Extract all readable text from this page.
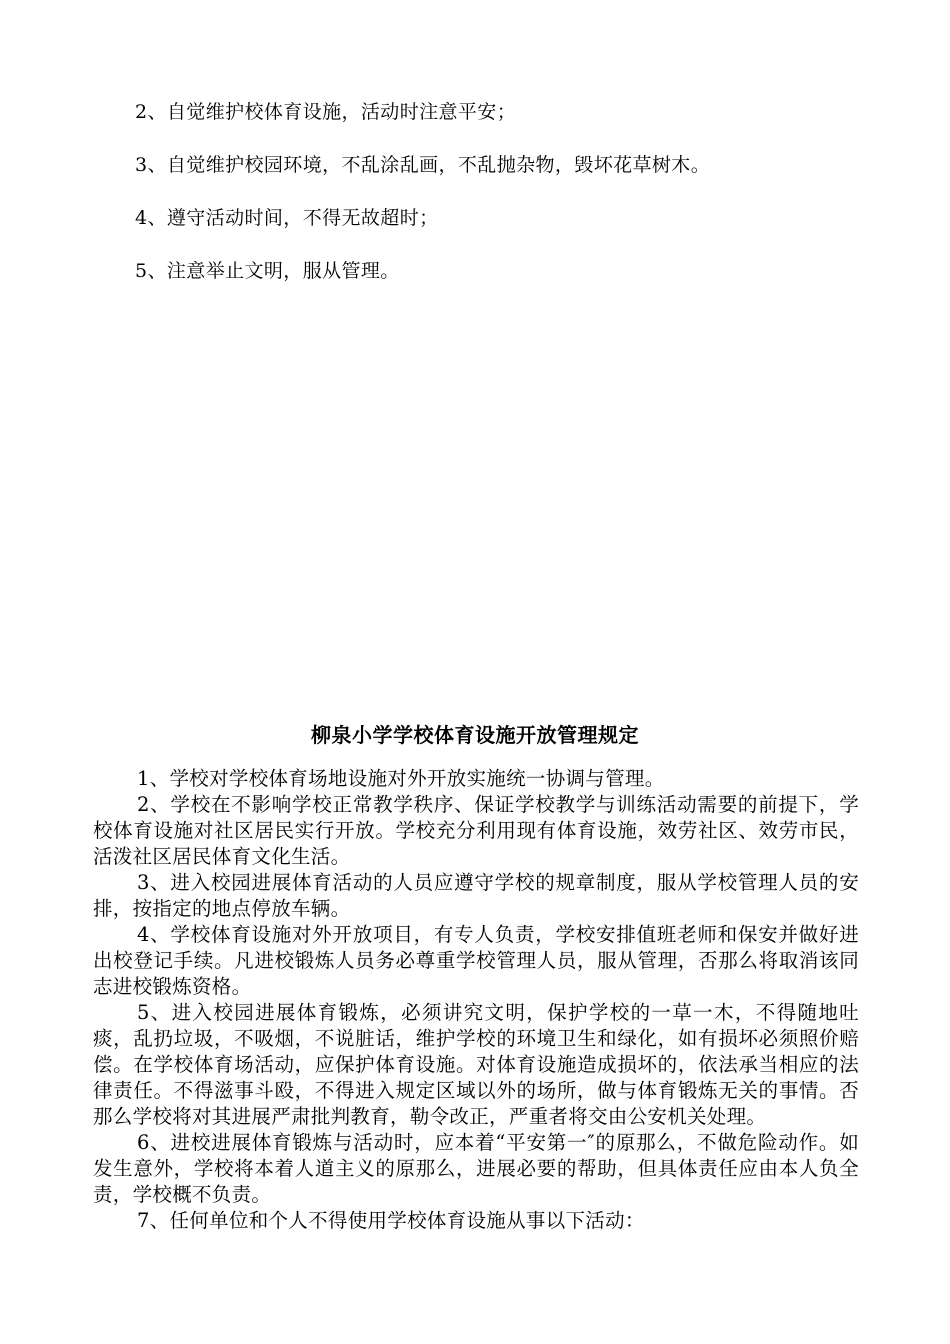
2、自觉维护校体育设施，活动时注意平安；
3、自觉维护校园环境，不乱涂乱画，不乱抛杂物，毁坏花草树木。
4、遵守活动时间，不得无故超时；
5、注意举止文明，服从管理。
柳泉小学学校体育设施开放管理规定

1、学校对学校体育场地设施对外开放实施统一协调与管理。

2、学校在不影响学校正常教学秩序、保证学校教学与训练活动需要的前提下，学校体育设施对社区居民实行开放。学校充分利用现有体育设施，效劳社区、效劳市民，活泼社区居民体育文化生活。

3、进入校园进展体育活动的人员应遵守学校的规章制度，服从学校管理人员的安排，按指定的地点停放车辆。

4、学校体育设施对外开放项目，有专人负责，学校安排值班老师和保安并做好进出校登记手续。凡进校锻炼人员务必尊重学校管理人员，服从管理，否那么将取消该同志进校锻炼资格。

5、进入校园进展体育锻炼，必须讲究文明，保护学校的一草一木，不得随地吐痰，乱扔垃圾，不吸烟，不说脏话，维护学校的环境卫生和绿化，如有损坏必须照价赔偿。在学校体育场活动，应保护体育设施。对体育设施造成损坏的，依法承当相应的法律责任。不得滋事斗殴，不得进入规定区域以外的场所，做与体育锻炼无关的事情。否那么学校将对其进展严肃批判教育，勒令改正，严重者将交由公安机关处理。

6、进校进展体育锻炼与活动时，应本着“平安第一″的原那么，不做危险动作。如发生意外，学校将本着人道主义的原那么，进展必要的帮助，但具体责任应由本人负全责，学校概不负责。

7、任何单位和个人不得使用学校体育设施从事以下活动：
